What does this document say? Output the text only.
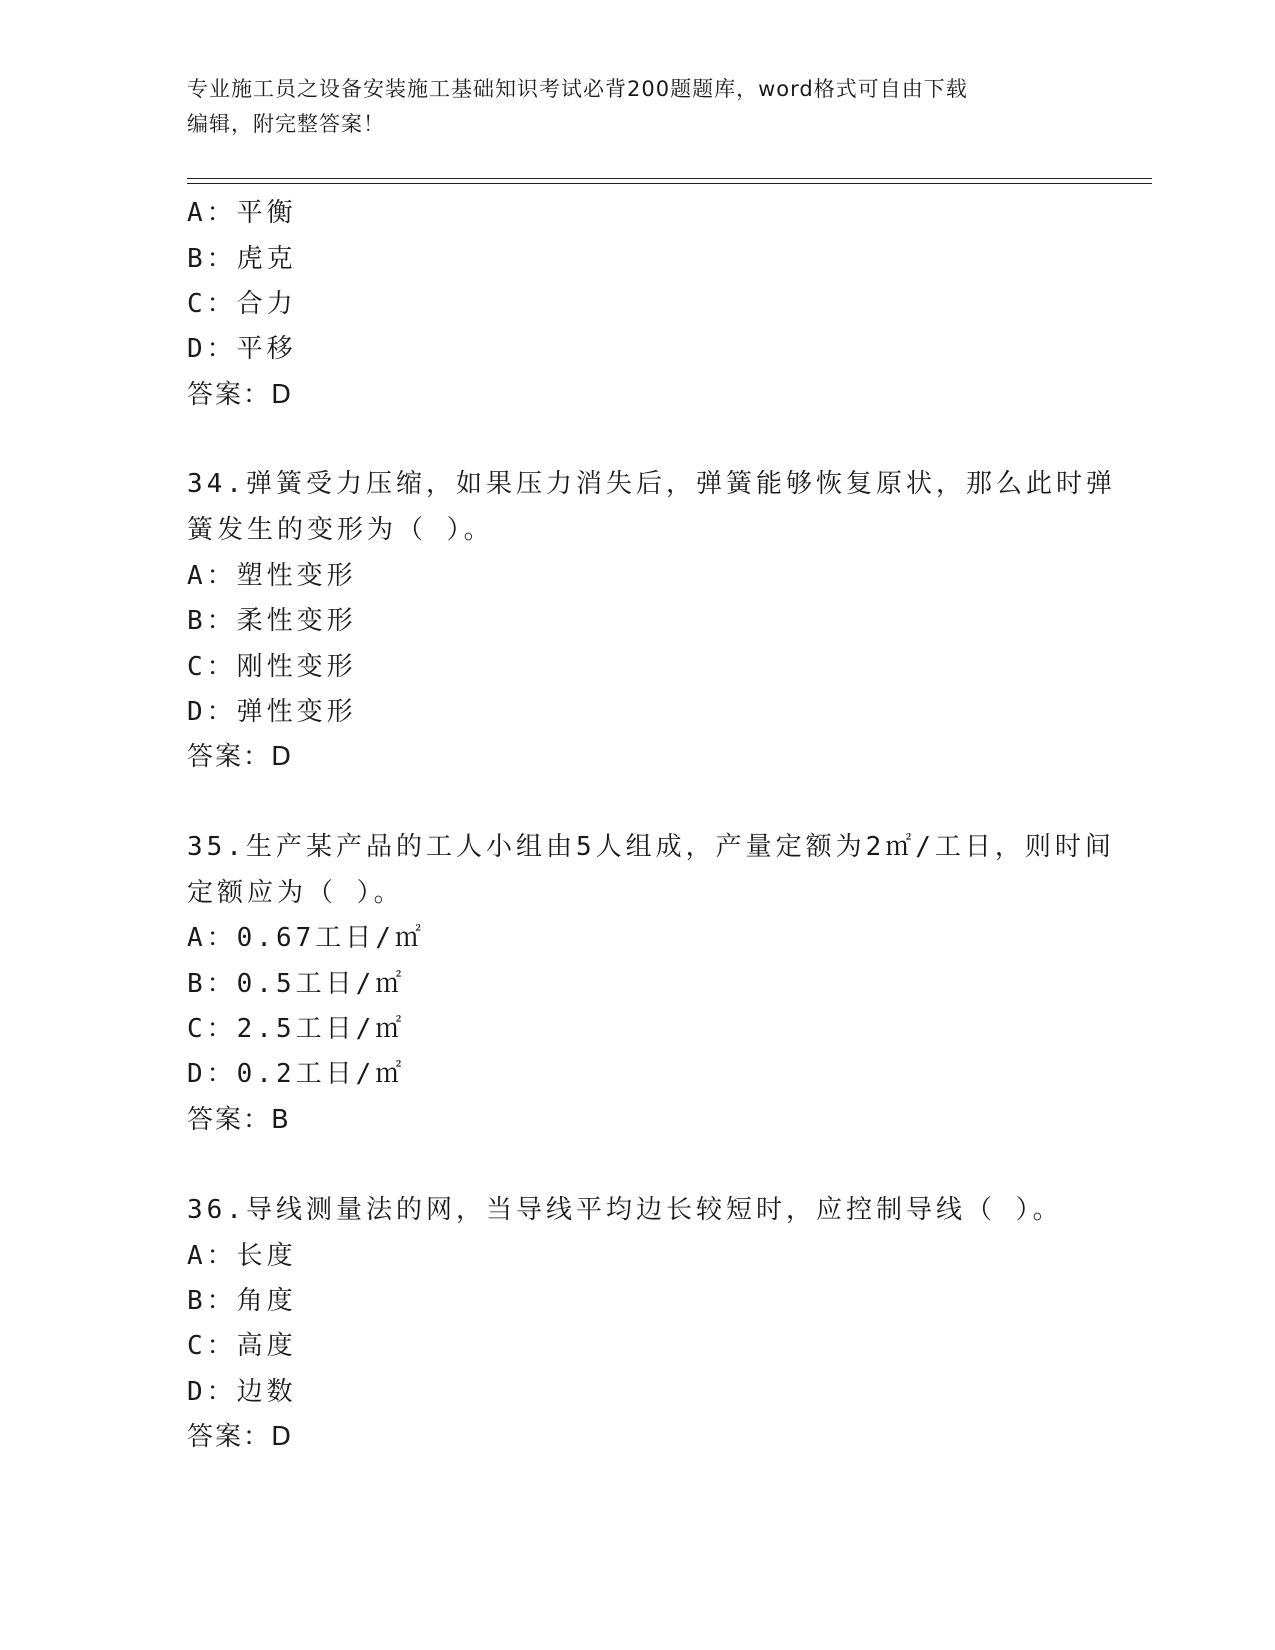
专业施工员之设备安装施工基础知识考试必背200题题库，word格式可自由下载
编辑，附完整答案！
A：平衡
B：虎克
C：合力
D：平移
答案：D
34.弹簧受力压缩，如果压力消失后，弹簧能够恢复原状，那么此时弹
簧发生的变形为（ ）。
A：塑性变形
B：柔性变形
C：刚性变形
D：弹性变形
答案：D
35.生产某产品的工人小组由5人组成，产量定额为2㎡/工日，则时间
定额应为（ ）。
A：0.67工日/㎡
B：0.5工日/㎡
C：2.5工日/㎡
D：0.2工日/㎡
答案：B
36.导线测量法的网，当导线平均边长较短时，应控制导线（ ）。
A：长度
B：角度
C：高度
D：边数
答案：D
